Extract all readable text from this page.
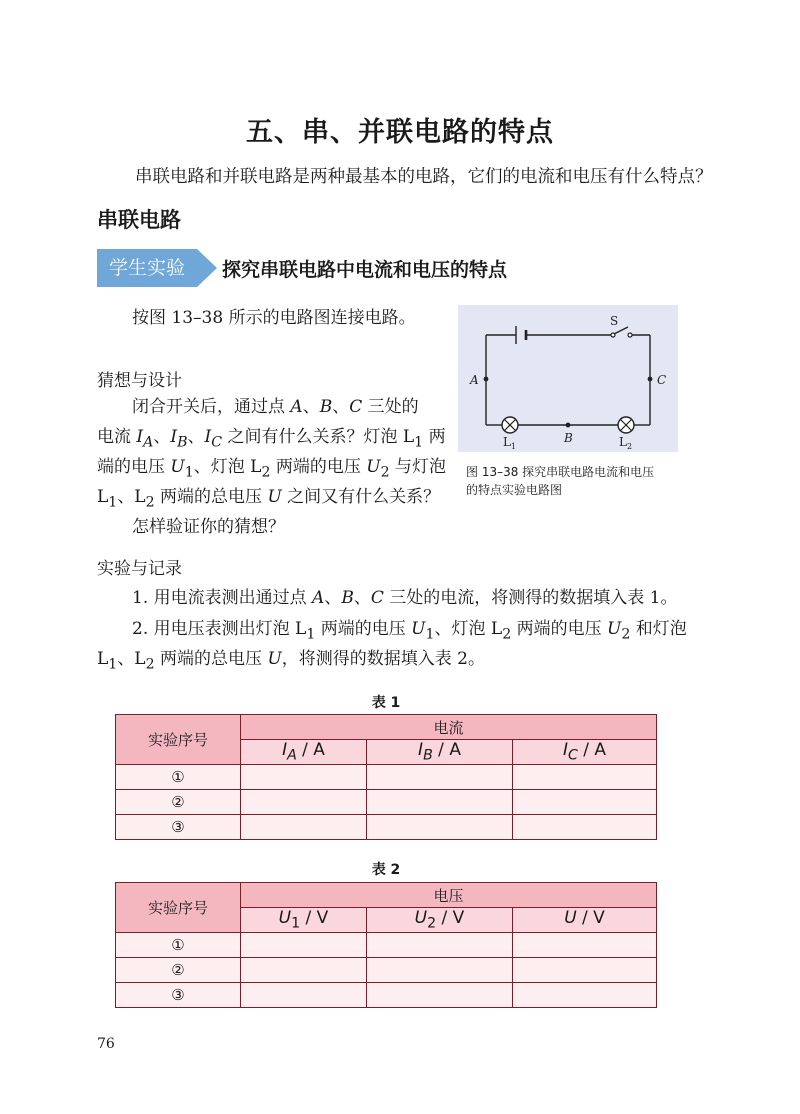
五、串、并联电路的特点
串联电路和并联电路是两种最基本的电路，它们的电流和电压有什么特点？
串联电路
学生实验	探究串联电路中电流和电压的特点
按图 13–38 所示的电路图连接电路。
猜想与设计
闭合开关后，通过点 A、B、C 三处的
电流 $I_A$、$I_B$、$I_C$ 之间有什么关系？灯泡 $L_1$ 两
端的电压 $U_1$、灯泡 $L_2$ 两端的电压 $U_2$ 与灯泡
$L_1$、$L_2$ 两端的总电压 U 之间又有什么关系？
怎样验证你的猜想？
S
A	C
B
L 1	L 2
图 13–38 探究串联电路电流和电压
的特点实验电路图
实验与记录
1. 用电流表测出通过点 A、B、C 三处的电流，将测得的数据填入表 1。
2. 用电压表测出灯泡 $L_1$ 两端的电压 $U_1$、灯泡 $L_2$ 两端的电压 $U_2$ 和灯泡
$L_1$、$L_2$ 两端的总电压 U，将测得的数据填入表 2。
表 1
实验序号	电流		
	$I_A$ / A	$I_B$ / A	$I_C$ / A
①			
②			
③			
表 2
实验序号	电压		
	$U_1$ / V	$U_2$ / V	U / V
①			
②			
③			
76
